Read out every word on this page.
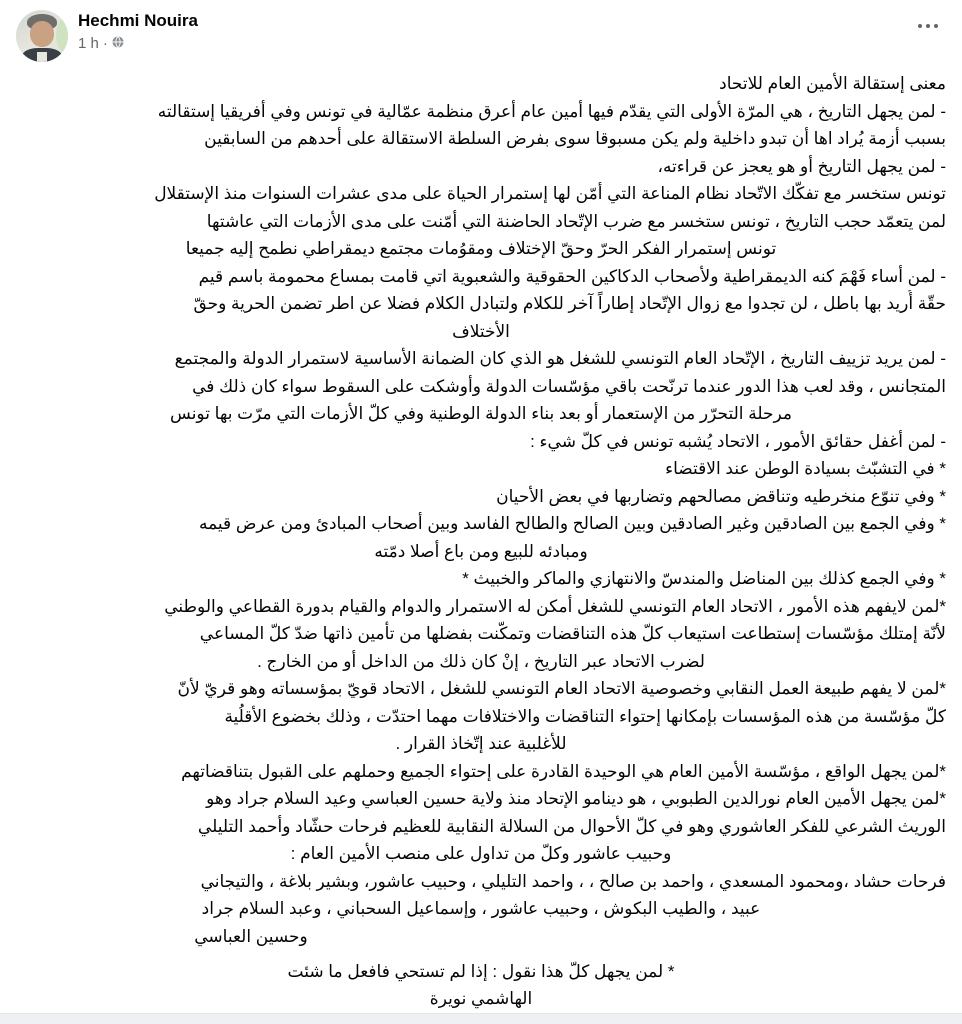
Hechmi Nouira
1 h ·
معنى إستقالة الأمين العام للاتحاد
- لمن يجهل التاريخ ، هي المرّة الأولى التي يقدّم فيها أمين عام أعرق منظمة عمّالية في تونس وفي أفريقيا إستقالته
بسبب أزمة يُراد اها أن تبدو داخلية ولم يكن مسبوقا سوى بفرض السلطة الاستقالة على أحدهم من السابقين
- لمن يجهل التاريخ أو هو يعجز عن قراءته،
تونس ستخسر مع تفكّك الاتّحاد نظام المناعة التي أمّن لها إستمرار الحياة على مدى عشرات السنوات منذ الإستقلال
لمن يتعمّد حجب التاريخ ، تونس ستخسر مع ضرب الإتّحاد الحاضنة التي أمّنت على مدى الأزمات التي عاشتها
تونس إستمرار الفكر الحرّ وحقّ الإختلاف ومقوُمات مجتمع ديمقراطي نطمح إليه جميعا
- لمن أساء فَهْمَ كنه الديمقراطية ولأصحاب الدكاكين الحقوقية والشعبوية اتي قامت بمساع محمومة باسم قيم
حقّة أُريد بها باطل ، لن تجدوا مع زوال الإتّحاد إطاراً آخر للكلام ولتبادل الكلام فضلا عن اطر تضمن الحرية وحقّ
الأختلاف
- لمن يريد تزييف التاريخ ، الإتّحاد العام التونسي للشغل هو الذي كان الضمانة الأساسية لاستمرار الدولة والمجتمع
المتجانس ، وقد لعب هذا الدور عندما ترنّحت باقي مؤسّسات الدولة وأوشكت على السقوط سواء كان ذلك في
مرحلة التحرّر من الإستعمار أو بعد بناء الدولة الوطنية وفي كلّ الأزمات التي مرّت بها تونس
- لمن أغفل حقائق الأمور ، الاتحاد يُشبه تونس في كلّ شيء :
* في التشبّث بسيادة الوطن عند الاقتضاء
* وفي تنوّع منخرطيه وتناقض مصالحهم وتضاربها في بعض الأحيان
* وفي الجمع بين الصادقين وغير الصادقين وبين الصالح والطالح الفاسد وبين أصحاب المبادئ ومن عرض قيمه
ومبادئه للبيع ومن باع أصلا دمّته
* وفي الجمع كذلك بين المناضل والمندسّ والانتهازي والماكر والخبيث *
*لمن لايفهم هذه الأمور ، الاتحاد العام التونسي للشغل أمكن له الاستمرار والدوام والقيام بدورة القطاعي والوطني
لأنّة إمتلك مؤسّسات إستطاعت استيعاب كلّ هذه التناقضات وتمكّنت بفضلها من تأمين ذاتها ضدّ كلّ المساعي
لضرب الاتحاد عبر التاريخ ، إنْ كان ذلك من الداخل أو من الخارج .
*لمن لا يفهم طبيعة العمل النقابي وخصوصية الاتحاد العام التونسي للشغل ، الاتحاد قويّ بمؤسساته وهو قريّ لأنّ
كلّ مؤسّسة من هذه المؤسسات بإمكانها إحتواء التناقضات والاختلافات مهما احتدّت ، وذلك بخضوع الأقلُية
للأغلبية عند إتّخاذ القرار .
*لمن يجهل الواقع ، مؤسّسة الأمين العام هي الوحيدة القادرة على إحتواء الجميع وحملهم على القبول بتناقضاتهم
*لمن يجهل الأمين العام نورالدين الطبوبي ، هو دينامو الإتحاد منذ ولاية حسين العباسي وعيد السلام جراد وهو
الوريث الشرعي للفكر العاشوري وهو في كلّ الأحوال من السلالة النقابية للعظيم فرحات حشّاد وأحمد التليلي
وحبيب عاشور وكلّ من تداول على منصب الأمين العام :
فرحات حشاد ،ومحمود المسعدي ، واحمد بن صالح ، ، واحمد التليلي ، وحبيب عاشور، وبشير بلاغة ، والتيجاني
عبيد ، والطيب البكوش ، وحبيب عاشور ، وإسماعيل السحباني ، وعبد السلام جراد
وحسين العباسي
* لمن يجهل كلّ هذا نقول : إذا لم تستحي فافعل ما شئت
الهاشمي نويرة
